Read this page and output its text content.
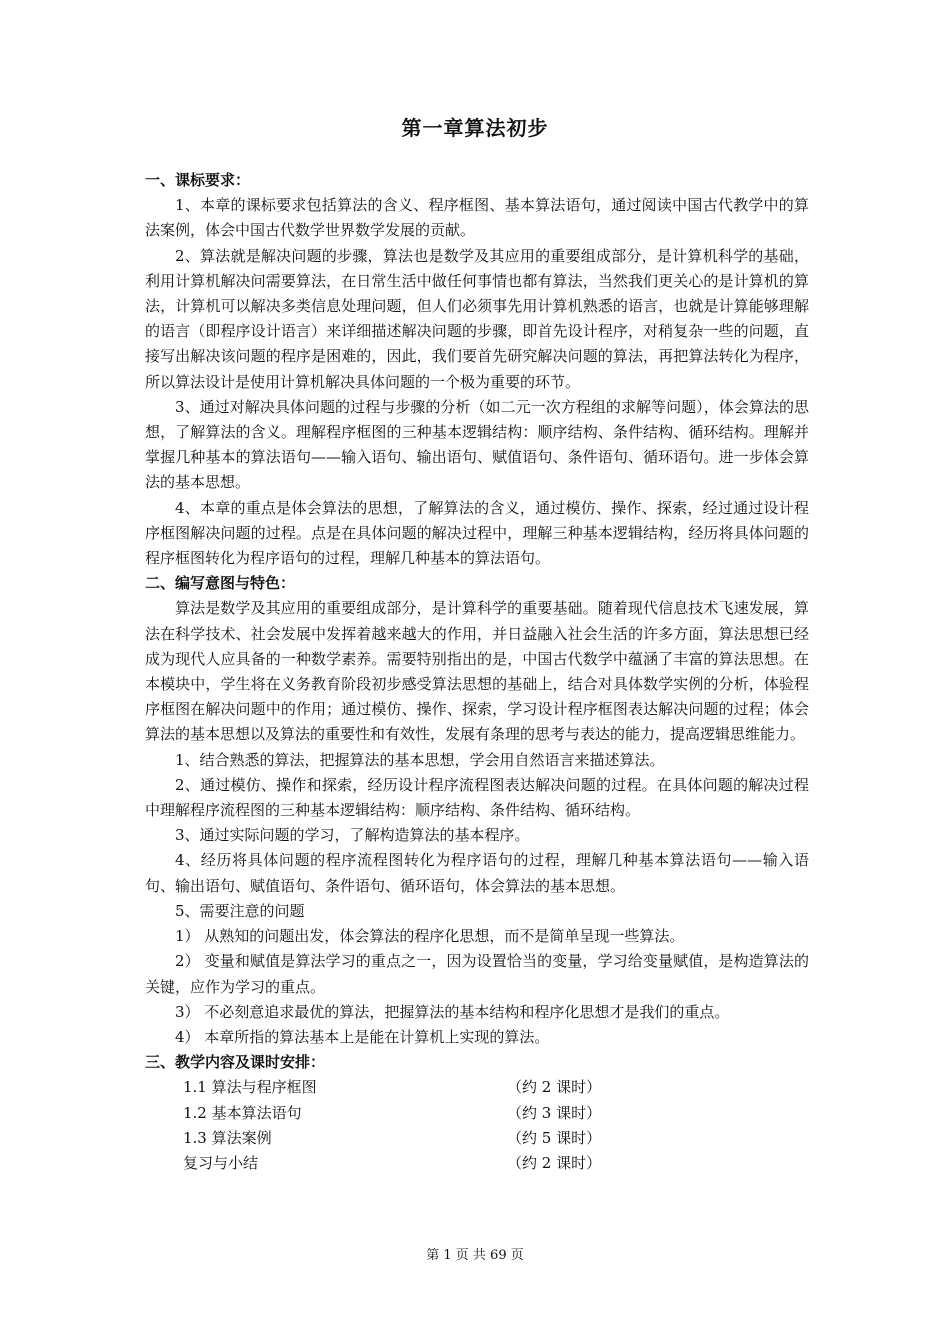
第一章算法初步

一、课标要求：

1、本章的课标要求包括算法的含义、程序框图、基本算法语句，通过阅读中国古代教学中的算法案例，体会中国古代数学世界数学发展的贡献。

2、算法就是解决问题的步骤，算法也是数学及其应用的重要组成部分，是计算机科学的基础，利用计算机解决问需要算法，在日常生活中做任何事情也都有算法，当然我们更关心的是计算机的算法，计算机可以解决多类信息处理问题，但人们必须事先用计算机熟悉的语言，也就是计算能够理解的语言（即程序设计语言）来详细描述解决问题的步骤，即首先设计程序，对稍复杂一些的问题，直接写出解决该问题的程序是困难的，因此，我们要首先研究解决问题的算法，再把算法转化为程序，所以算法设计是使用计算机解决具体问题的一个极为重要的环节。

3、通过对解决具体问题的过程与步骤的分析（如二元一次方程组的求解等问题），体会算法的思想，了解算法的含义。理解程序框图的三种基本逻辑结构：顺序结构、条件结构、循环结构。理解并掌握几种基本的算法语句——输入语句、输出语句、赋值语句、条件语句、循环语句。进一步体会算法的基本思想。

4、本章的重点是体会算法的思想，了解算法的含义，通过模仿、操作、探索，经过通过设计程序框图解决问题的过程。点是在具体问题的解决过程中，理解三种基本逻辑结构，经历将具体问题的程序框图转化为程序语句的过程，理解几种基本的算法语句。

二、编写意图与特色：

算法是数学及其应用的重要组成部分，是计算科学的重要基础。随着现代信息技术飞速发展，算法在科学技术、社会发展中发挥着越来越大的作用，并日益融入社会生活的许多方面，算法思想已经成为现代人应具备的一种数学素养。需要特别指出的是，中国古代数学中蕴涵了丰富的算法思想。在本模块中，学生将在义务教育阶段初步感受算法思想的基础上，结合对具体数学实例的分析，体验程序框图在解决问题中的作用；通过模仿、操作、探索，学习设计程序框图表达解决问题的过程；体会算法的基本思想以及算法的重要性和有效性，发展有条理的思考与表达的能力，提高逻辑思维能力。

1、结合熟悉的算法，把握算法的基本思想，学会用自然语言来描述算法。

2、通过模仿、操作和探索，经历设计程序流程图表达解决问题的过程。在具体问题的解决过程中理解程序流程图的三种基本逻辑结构：顺序结构、条件结构、循环结构。

3、通过实际问题的学习，了解构造算法的基本程序。

4、经历将具体问题的程序流程图转化为程序语句的过程，理解几种基本算法语句——输入语句、输出语句、赋值语句、条件语句、循环语句，体会算法的基本思想。

5、需要注意的问题

1） 从熟知的问题出发，体会算法的程序化思想，而不是简单呈现一些算法。

2） 变量和赋值是算法学习的重点之一，因为设置恰当的变量，学习给变量赋值，是构造算法的关键，应作为学习的重点。

3） 不必刻意追求最优的算法，把握算法的基本结构和程序化思想才是我们的重点。

4） 本章所指的算法基本上是能在计算机上实现的算法。

三、教学内容及课时安排：

1.1 算法与程序框图	（约 2 课时）
1.2 基本算法语句	（约 3 课时）
1.3 算法案例	（约 5 课时）
复习与小结	（约 2 课时）
第 1 页 共 69 页
